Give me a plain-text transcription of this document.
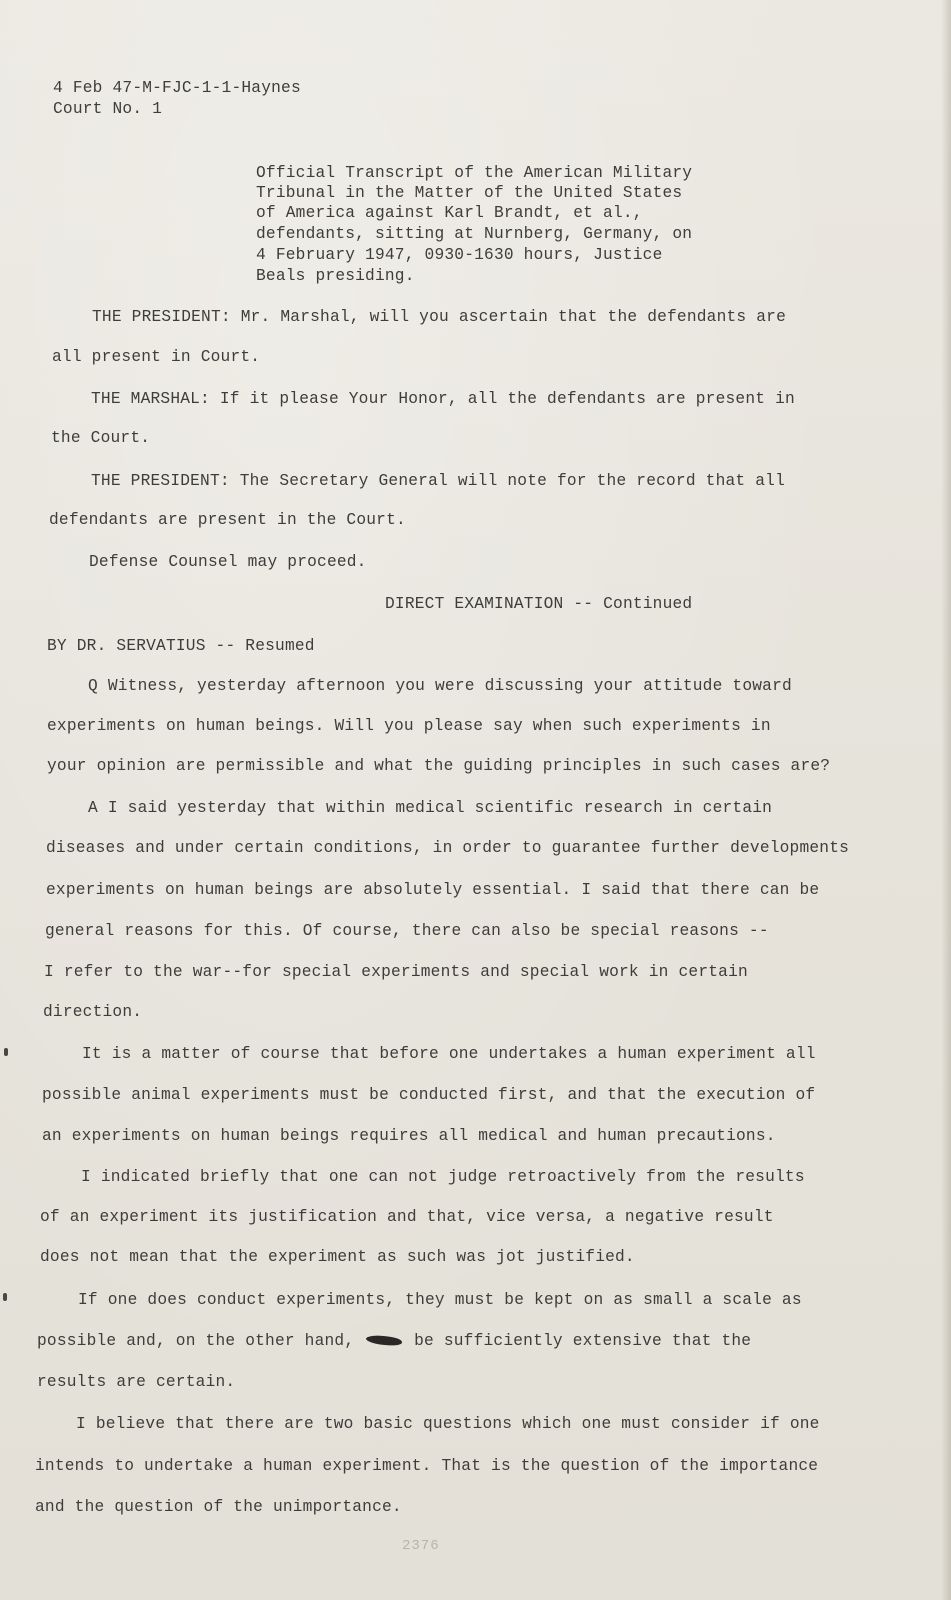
4 Feb 47-M-FJC-1-1-Haynes
Court No. 1
Official Transcript of the American Military
Tribunal in the Matter of the United States
of America against Karl Brandt, et al.,
defendants, sitting at Nurnberg, Germany, on
4 February 1947, 0930-1630 hours, Justice
Beals presiding.
THE PRESIDENT: Mr. Marshal, will you ascertain that the defendants are
all present in Court.
THE MARSHAL: If it please Your Honor, all the defendants are present in
the Court.
THE PRESIDENT: The Secretary General will note for the record that all
defendants are present in the Court.
Defense Counsel may proceed.
DIRECT EXAMINATION -- Continued
BY DR. SERVATIUS -- Resumed
Q Witness, yesterday afternoon you were discussing your attitude toward
experiments on human beings. Will you please say when such experiments in
your opinion are permissible and what the guiding principles in such cases are?
A I said yesterday that within medical scientific research in certain
diseases and under certain conditions, in order to guarantee further developments
experiments on human beings are absolutely essential. I said that there can be
general reasons for this. Of course, there can also be special reasons --
I refer to the war--for special experiments and special work in certain
direction.
It is a matter of course that before one undertakes a human experiment all
possible animal experiments must be conducted first, and that the execution of
an experiments on human beings requires all medical and human precautions.
I indicated briefly that one can not judge retroactively from the results
of an experiment its justification and that, vice versa, a negative result
does not mean that the experiment as such was jot justified.
If one does conduct experiments, they must be kept on as small a scale as
possible and, on the other hand,	be sufficiently extensive that the
results are certain.
I believe that there are two basic questions which one must consider if one
intends to undertake a human experiment. That is the question of the importance
and the question of the unimportance.
2376
